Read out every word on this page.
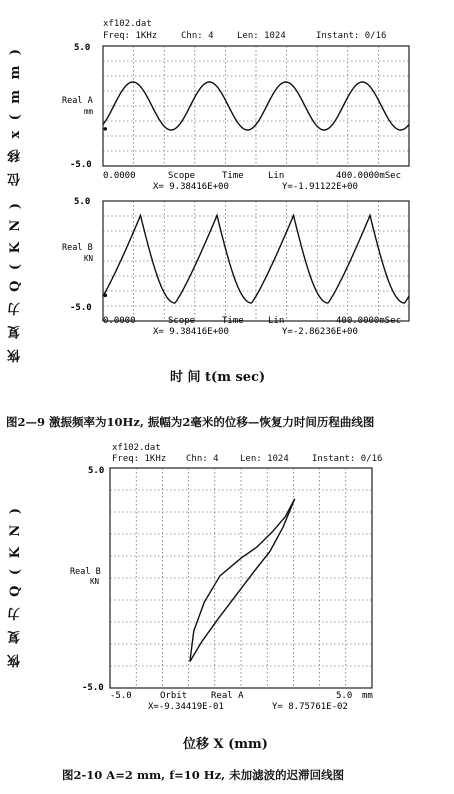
xf102.dat
Freq: 1KHz	Chn: 4	Len: 1024	Instant: 0/16
位 移 x ( m m )
恢 复 力 Q ( K N )
5.0
-5.0
Real A
mm
0.0000	Scope	Time	Lin	400.0000mSec
X= 9.38416E+00	Y=-1.91122E+00
5.0
-5.0
Real B
KN
0.0000	Scope	Time	Lin	400.0000mSec
X= 9.38416E+00	Y=-2.86236E+00
时 间 t(m sec)
图2—9 激振频率为10Hz, 振幅为2毫米的位移—恢复力时间历程曲线图
xf102.dat
Freq: 1KHz Chn: 4 Len: 1024	Instant: 0/16
恢 复 力 Q ( K N )
5.0
-5.0
Real B
KN
-5.0	Orbit	Real A	5.0 mm
X=-9.34419E-01	Y= 8.75761E-02
位移 X (mm)
图2-10 A=2 mm, f=10 Hz, 未加滤波的迟滞回线图
